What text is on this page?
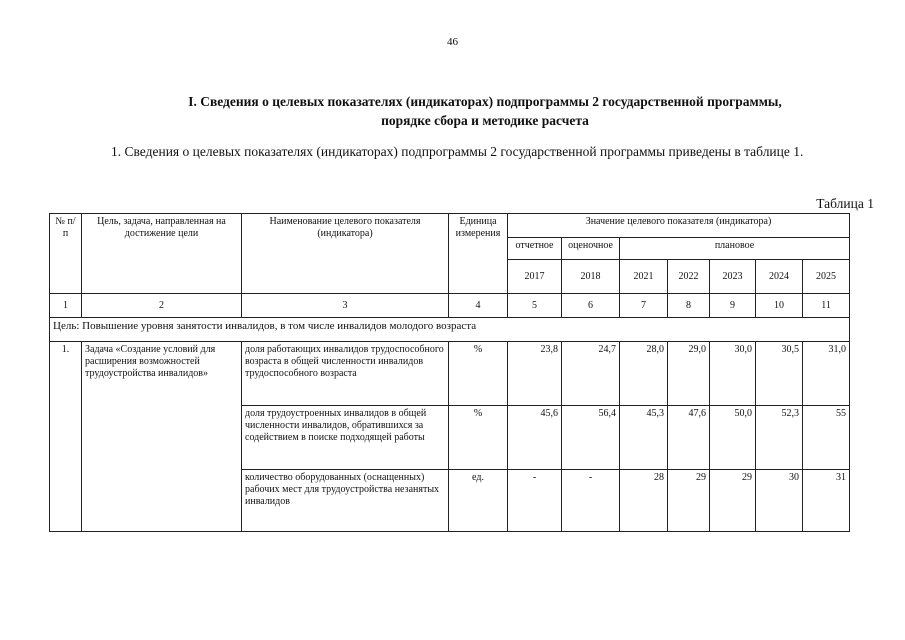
46
I. Сведения о целевых показателях (индикаторах) подпрограммы 2 государственной программы,
порядке сбора и методике расчета
1. Сведения о целевых показателях (индикаторах) подпрограммы 2 государственной программы приведены в таблице 1.
Таблица 1
№ п/п	Цель, задача, направленная на достижение цели	Наименование целевого показателя (индикатора)	Единица измерения	Значение целевого показателя (индикатора)						
				отчетное	оценочное	плановое				
				2017	2018	2021	2022	2023	2024	2025
1	2	3	4	5	6	7	8	9	10	11
Цель: Повышение уровня занятости инвалидов, в том числе инвалидов молодого возраста										
1.	Задача «Создание условий для расширения возможностей трудоустройства инвалидов»	доля работающих инвалидов трудоспособного возраста в общей численности инвалидов трудоспособного возраста	%	23,8	24,7	28,0	29,0	30,0	30,5	31,0
		доля трудоустроенных инвалидов в общей численности инвалидов, обратившихся за содействием в поиске подходящей работы	%	45,6	56,4	45,3	47,6	50,0	52,3	55
		количество оборудованных (оснащенных) рабочих мест для трудоустройства незанятых инвалидов	ед.	-	-	28	29	29	30	31
